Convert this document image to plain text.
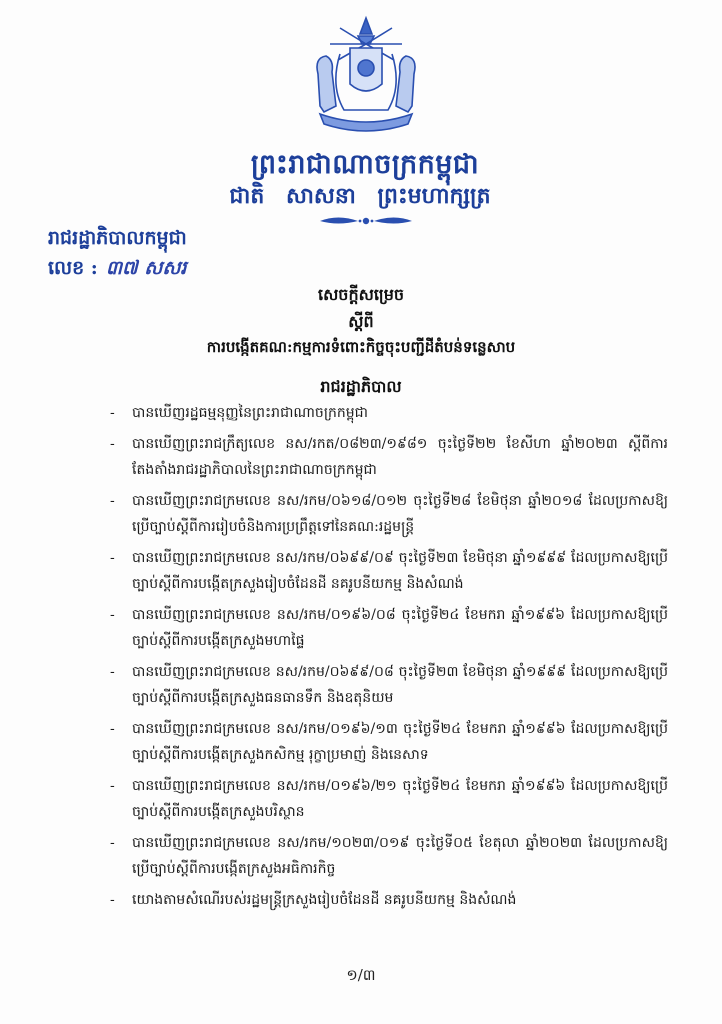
ព្រះរាជាណាចក្រកម្ពុជា
ជាតិ សាសនា ព្រះមហាក្សត្រ
រាជរដ្ឋាភិបាលកម្ពុជា
លេខ : ៣៧ សសរ
សេចក្តីសម្រេច
ស្តីពី
ការបង្កើតគណ:កម្មការទំពោះកិច្ចចុះបញ្ជីដីតំបន់ទន្លេសាប
រាជរដ្ឋាភិបាល
- បានឃើញរដ្ឋធម្មនុញ្ញនៃព្រះរាជាណាចក្រកម្ពុជា
- បានឃើញព្រះរាជក្រឹត្យលេខ នស/រកត/០៨២៣/១៩៨១ ចុះថ្ងៃទី២២ ខែសីហា ឆ្នាំ២០២៣ ស្តីពីការតែងតាំងរាជរដ្ឋាភិបាលនៃព្រះរាជាណាចក្រកម្ពុជា
- បានឃើញព្រះរាជក្រមលេខ នស/រកម/០៦១៨/០១២ ចុះថ្ងៃទី២៨ ខែមិថុនា ឆ្នាំ២០១៨ ដែលប្រកាសឱ្យប្រើច្បាប់ស្តីពីការរៀបចំនិងការប្រព្រឹត្តទៅនៃគណ:រដ្ឋមន្ត្រី
- បានឃើញព្រះរាជក្រមលេខ នស/រកម/០៦៩៩/០៩ ចុះថ្ងៃទី២៣ ខែមិថុនា ឆ្នាំ១៩៩៩ ដែលប្រកាសឱ្យប្រើច្បាប់ស្តីពីការបង្កើតក្រសួងរៀបចំដែនដី នគរូបនីយកម្ម និងសំណង់
- បានឃើញព្រះរាជក្រមលេខ នស/រកម/០១៩៦/០៨ ចុះថ្ងៃទី២៤ ខែមករា ឆ្នាំ១៩៩៦ ដែលប្រកាសឱ្យប្រើច្បាប់ស្តីពីការបង្កើតក្រសួងមហាផ្ទៃ
- បានឃើញព្រះរាជក្រមលេខ នស/រកម/០៦៩៩/០៨ ចុះថ្ងៃទី២៣ ខែមិថុនា ឆ្នាំ១៩៩៩ ដែលប្រកាសឱ្យប្រើច្បាប់ស្តីពីការបង្កើតក្រសួងធនធានទឹក និងឧតុនិយម
- បានឃើញព្រះរាជក្រមលេខ នស/រកម/០១៩៦/១៣ ចុះថ្ងៃទី២៤ ខែមករា ឆ្នាំ១៩៩៦ ដែលប្រកាសឱ្យប្រើច្បាប់ស្តីពីការបង្កើតក្រសួងកសិកម្ម រុក្ខាប្រមាញ់ និងនេសាទ
- បានឃើញព្រះរាជក្រមលេខ នស/រកម/០១៩៦/២១ ចុះថ្ងៃទី២៤ ខែមករា ឆ្នាំ១៩៩៦ ដែលប្រកាសឱ្យប្រើច្បាប់ស្តីពីការបង្កើតក្រសួងបរិស្ថាន
- បានឃើញព្រះរាជក្រមលេខ នស/រកម/១០២៣/០១៩ ចុះថ្ងៃទី០៥ ខែតុលា ឆ្នាំ២០២៣ ដែលប្រកាសឱ្យប្រើច្បាប់ស្តីពីការបង្កើតក្រសួងអធិការកិច្ច
- យោងតាមសំណើរបស់រដ្ឋមន្ត្រីក្រសួងរៀបចំដែនដី នគរូបនីយកម្ម និងសំណង់
១/៣
